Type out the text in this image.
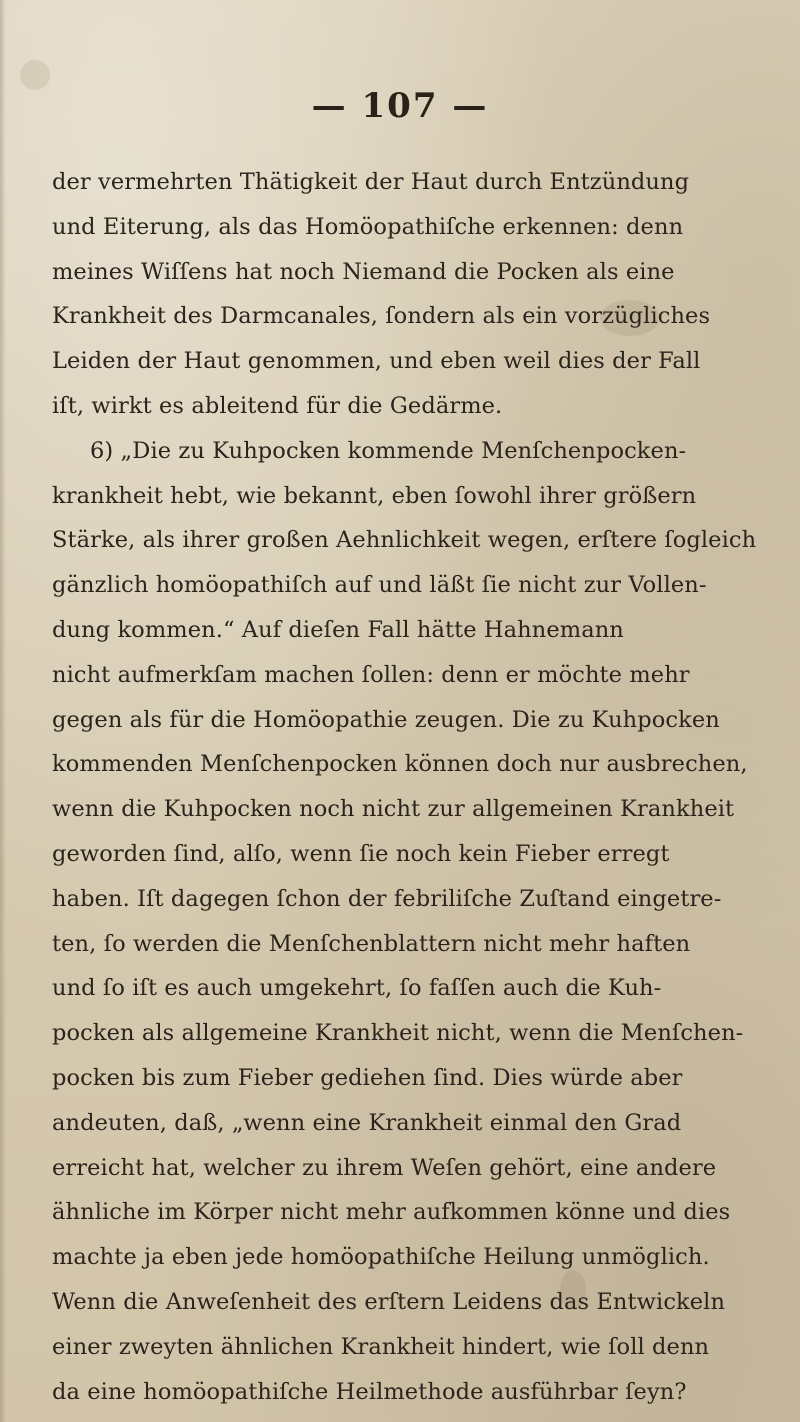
— 107 —
der vermehrten Thätigkeit der Haut durch Entzündung
und Eiterung, als das Homöopathiſche erkennen: denn
meines Wiſſens hat noch Niemand die Pocken als eine
Krankheit des Darmcanales, ſondern als ein vorzügliches
Leiden der Haut genommen, und eben weil dies der Fall
iſt, wirkt es ableitend für die Gedärme.
6) „Die zu Kuhpocken kommende Menſchenpocken-
krankheit hebt, wie bekannt, eben ſowohl ihrer größern
Stärke, als ihrer großen Aehnlichkeit wegen, erſtere ſogleich
gänzlich homöopathiſch auf und läßt ſie nicht zur Vollen-
dung kommen.“ Auf dieſen Fall hätte Hahnemann
nicht aufmerkſam machen ſollen: denn er möchte mehr
gegen als für die Homöopathie zeugen. Die zu Kuhpocken
kommenden Menſchenpocken können doch nur ausbrechen,
wenn die Kuhpocken noch nicht zur allgemeinen Krankheit
geworden ſind, alſo, wenn ſie noch kein Fieber erregt
haben. Iſt dagegen ſchon der febriliſche Zuſtand eingetre-
ten, ſo werden die Menſchenblattern nicht mehr haften
und ſo iſt es auch umgekehrt, ſo faſſen auch die Kuh-
pocken als allgemeine Krankheit nicht, wenn die Menſchen-
pocken bis zum Fieber gediehen ſind. Dies würde aber
andeuten, daß, „wenn eine Krankheit einmal den Grad
erreicht hat, welcher zu ihrem Weſen gehört, eine andere
ähnliche im Körper nicht mehr aufkommen könne und dies
machte ja eben jede homöopathiſche Heilung unmöglich.
Wenn die Anweſenheit des erſtern Leidens das Entwickeln
einer zweyten ähnlichen Krankheit hindert, wie ſoll denn
da eine homöopathiſche Heilmethode ausführbar ſeyn?
